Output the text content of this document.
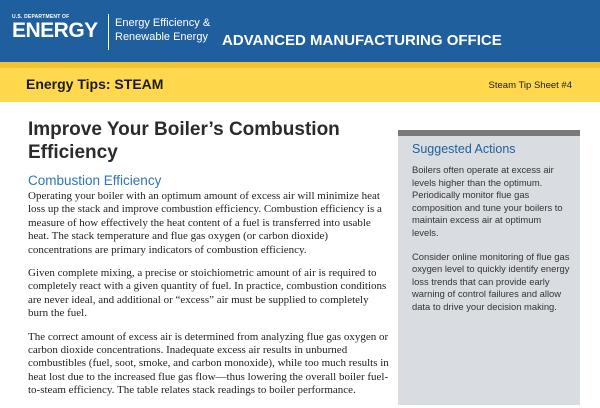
U.S. DEPARTMENT OF
ENERGY Energy Efficiency &
Renewable Energy ADVANCED MANUFACTURING OFFICE
Energy Tips: STEAM	Steam Tip Sheet #4
Improve Your Boiler’s Combustion Efficiency
Combustion Efficiency

Operating your boiler with an optimum amount of excess air will minimize heat loss up the stack and improve combustion efficiency. Combustion efficiency is a measure of how effectively the heat content of a fuel is transferred into usable heat. The stack temperature and flue gas oxygen (or carbon dioxide) concentrations are primary indicators of combustion efficiency.

Given complete mixing, a precise or stoichiometric amount of air is required to completely react with a given quantity of fuel. In practice, combustion conditions are never ideal, and additional or “excess” air must be supplied to completely burn the fuel.

The correct amount of excess air is determined from analyzing flue gas oxygen or carbon dioxide concentrations. Inadequate excess air results in unburned combustibles (fuel, soot, smoke, and carbon monoxide), while too much results in heat lost due to the increased flue gas flow—thus lowering the overall boiler fuel-to-steam efficiency. The table relates stack readings to boiler performance.

Suggested Actions

Boilers often operate at excess air levels higher than the optimum. Periodically monitor flue gas composition and tune your boilers to maintain excess air at optimum levels.

Consider online monitoring of flue gas oxygen level to quickly identify energy loss trends that can provide early warning of control failures and allow data to drive your decision making.
